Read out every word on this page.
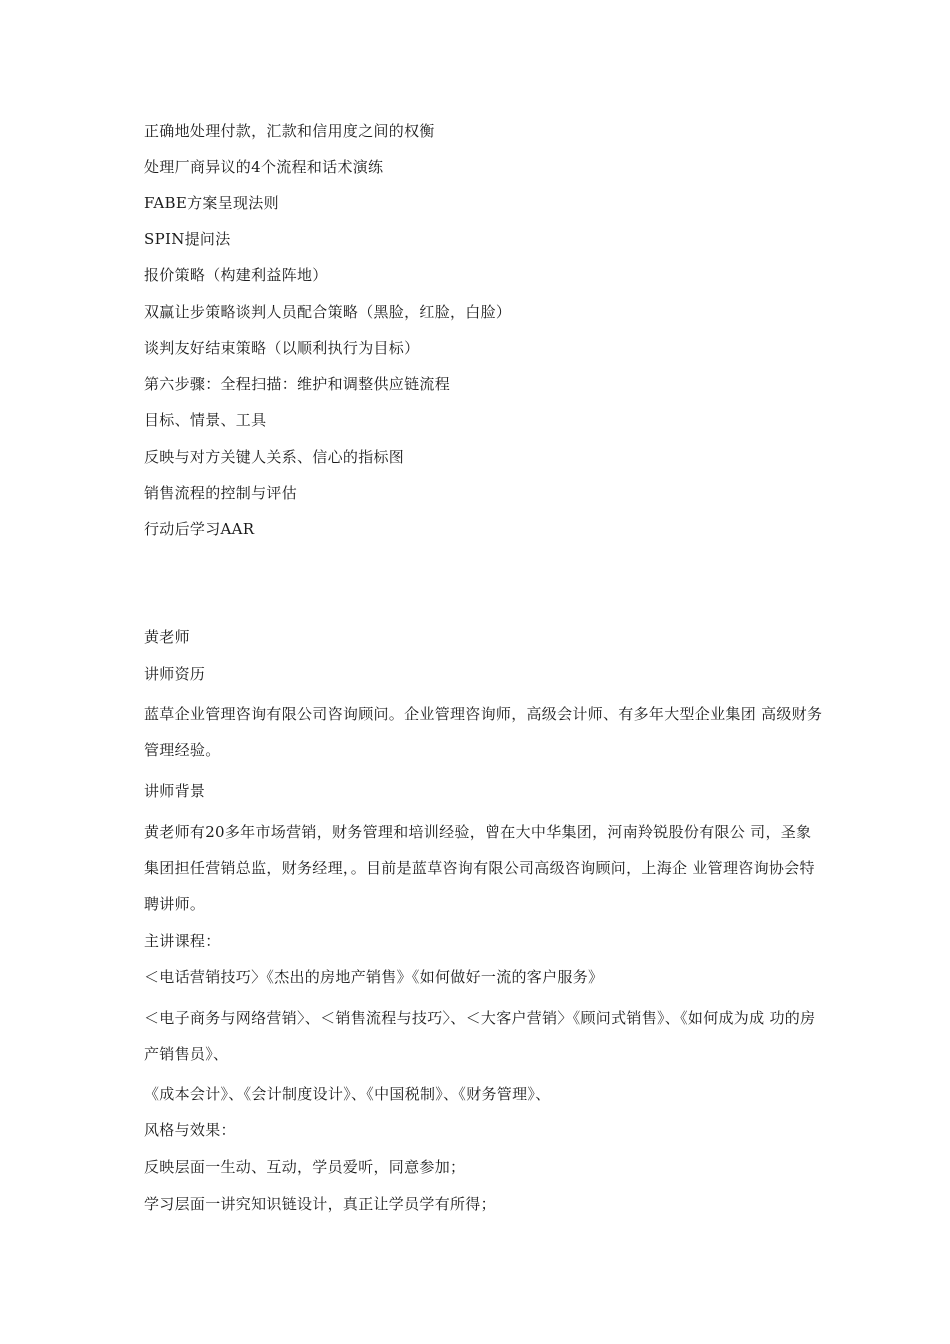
正确地处理付款，汇款和信用度之间的权衡
处理厂商异议的4个流程和话术演练
FABE方案呈现法则
SPIN提问法
报价策略（构建利益阵地）
双赢让步策略谈判人员配合策略（黑脸，红脸，白脸）
谈判友好结束策略（以顺利执行为目标）
第六步骤：全程扫描：维护和调整供应链流程
目标、情景、工具
反映与对方关键人关系、信心的指标图
销售流程的控制与评估
行动后学习AAR
黄老师
讲师资历
蓝草企业管理咨询有限公司咨询顾问。企业管理咨询师，高级会计师、有多年大型企业集团 高级财务管理经验。
讲师背景
黄老师有20多年市场营销，财务管理和培训经验，曾在大中华集团，河南羚锐股份有限公 司，圣象集团担任营销总监，财务经理，。目前是蓝草咨询有限公司高级咨询顾问，上海企 业管理咨询协会特聘讲师。
主讲课程：
＜电话营销技巧〉《杰出的房地产销售》《如何做好一流的客户服务》
＜电子商务与网络营销〉、＜销售流程与技巧〉、＜大客户营销〉《顾问式销售》、《如何成为成 功的房产销售员》、
《成本会计》、《会计制度设计》、《中国税制》、《财务管理》、
风格与效果：
反映层面一生动、互动，学员爱听，同意参加；
学习层面一讲究知识链设计，真正让学员学有所得；
